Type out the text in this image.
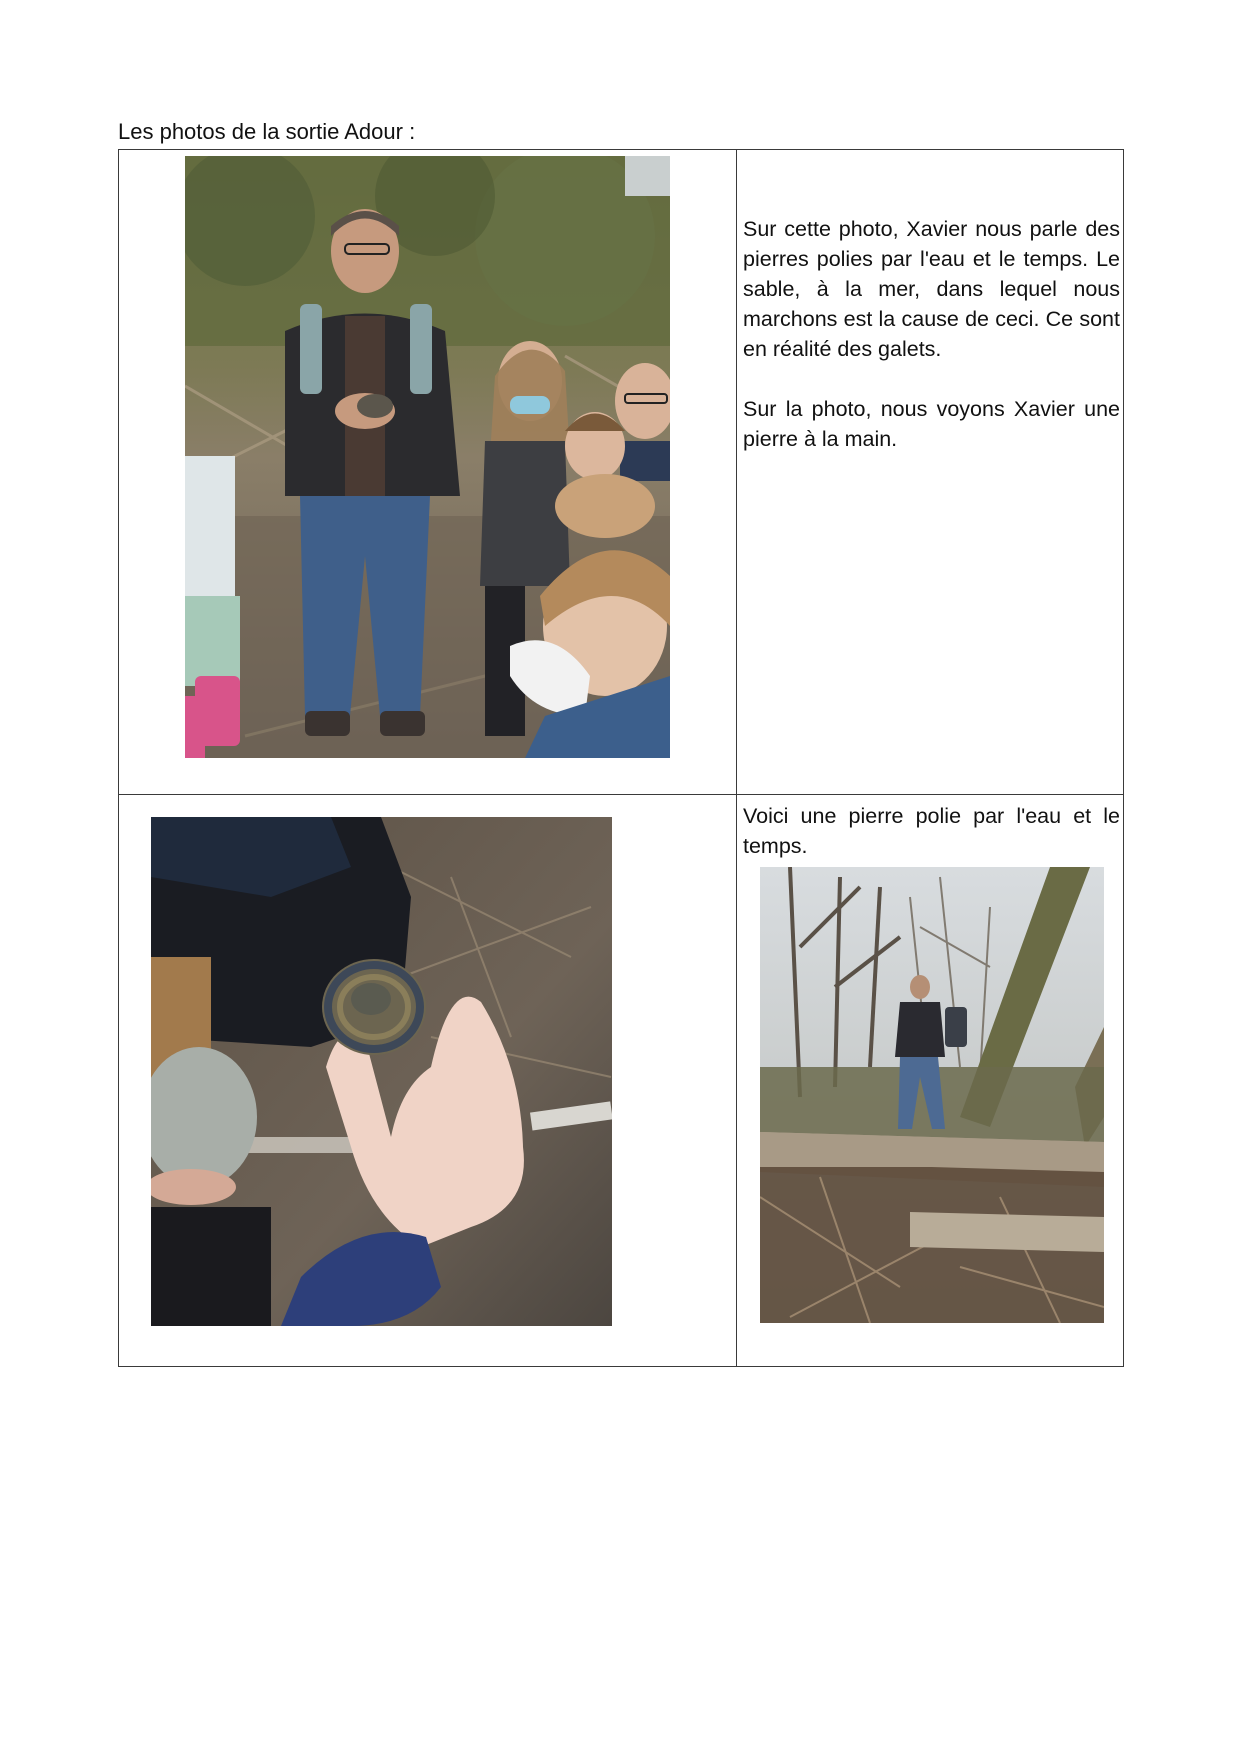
Les photos de la sortie Adour :

Sur cette photo, Xavier nous parle des pierres polies par l'eau et le temps. Le sable, à la mer, dans lequel nous marchons est la cause de ceci. Ce sont en réalité des galets.

Sur la photo, nous voyons Xavier une pierre à la main.

Voici une pierre polie par l'eau et le temps.
